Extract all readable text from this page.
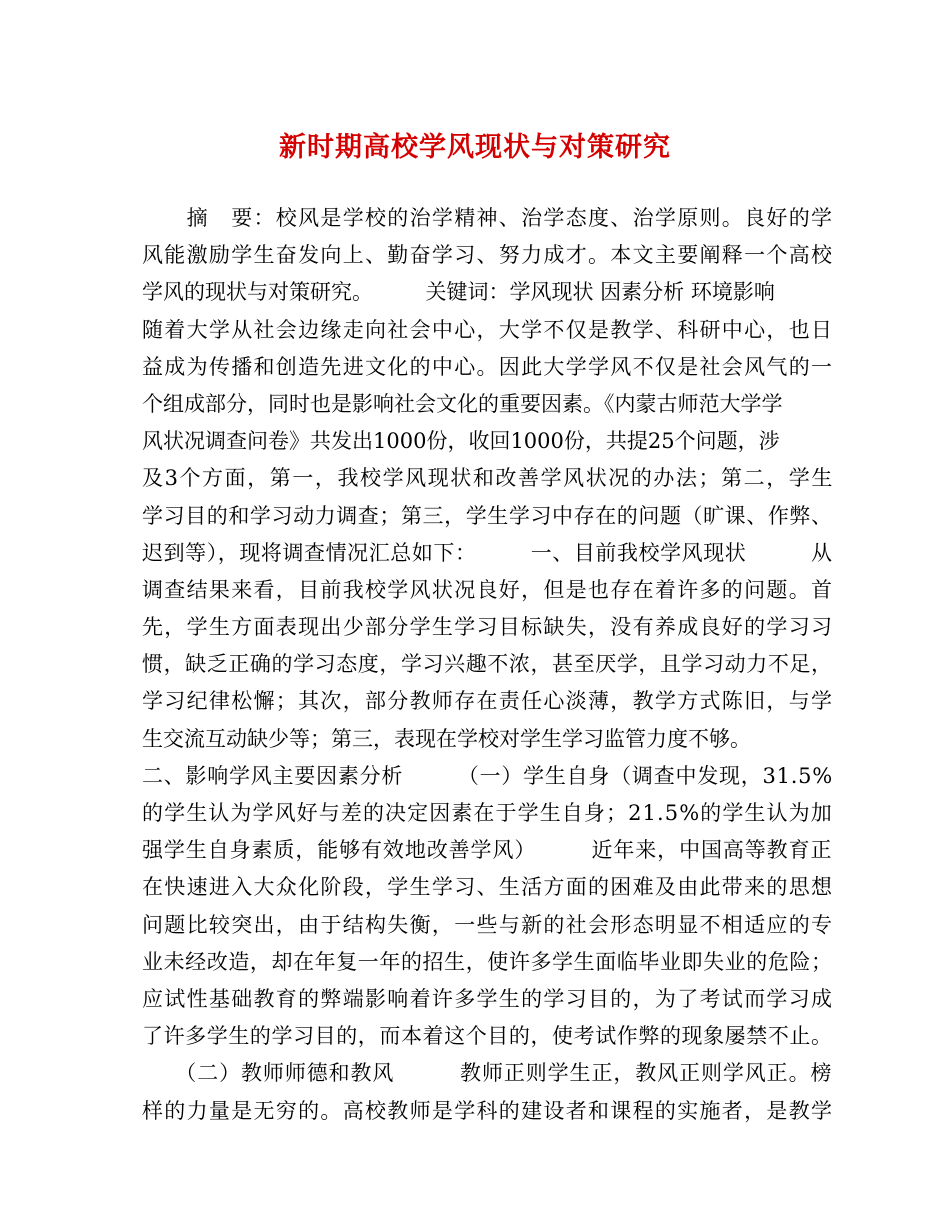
新时期高校学风现状与对策研究
　　摘　要：校风是学校的治学精神、治学态度、治学原则。良好的学
风能激励学生奋发向上、勤奋学习、努力成才。本文主要阐释一个高校
学风的现状与对策研究。　　　关键词：学风现状 因素分析 环境影响
随着大学从社会边缘走向社会中心，大学不仅是教学、科研中心，也日
益成为传播和创造先进文化的中心。因此大学学风不仅是社会风气的一
个组成部分，同时也是影响社会文化的重要因素。《内蒙古师范大学学
风状况调查问卷》共发出1000份，收回1000份，共提25个问题，涉
及3个方面，第一，我校学风现状和改善学风状况的办法；第二，学生
学习目的和学习动力调查；第三，学生学习中存在的问题（旷课、作弊、
迟到等），现将调查情况汇总如下：　　　一、目前我校学风现状　　　从
调查结果来看，目前我校学风状况良好，但是也存在着许多的问题。首
先，学生方面表现出少部分学生学习目标缺失，没有养成良好的学习习
惯，缺乏正确的学习态度，学习兴趣不浓，甚至厌学，且学习动力不足，
学习纪律松懈；其次，部分教师存在责任心淡薄，教学方式陈旧，与学
生交流互动缺少等；第三，表现在学校对学生学习监管力度不够。
二、影响学风主要因素分析　　　（一）学生自身（调查中发现，31.5%
的学生认为学风好与差的决定因素在于学生自身；21.5%的学生认为加
强学生自身素质，能够有效地改善学风）　　　近年来，中国高等教育正
在快速进入大众化阶段，学生学习、生活方面的困难及由此带来的思想
问题比较突出，由于结构失衡，一些与新的社会形态明显不相适应的专
业未经改造，却在年复一年的招生，使许多学生面临毕业即失业的危险；
应试性基础教育的弊端影响着许多学生的学习目的，为了考试而学习成
了许多学生的学习目的，而本着这个目的，使考试作弊的现象屡禁不止。
　　（二）教师师德和教风　　　教师正则学生正，教风正则学风正。榜
样的力量是无穷的。高校教师是学科的建设者和课程的实施者，是教学
